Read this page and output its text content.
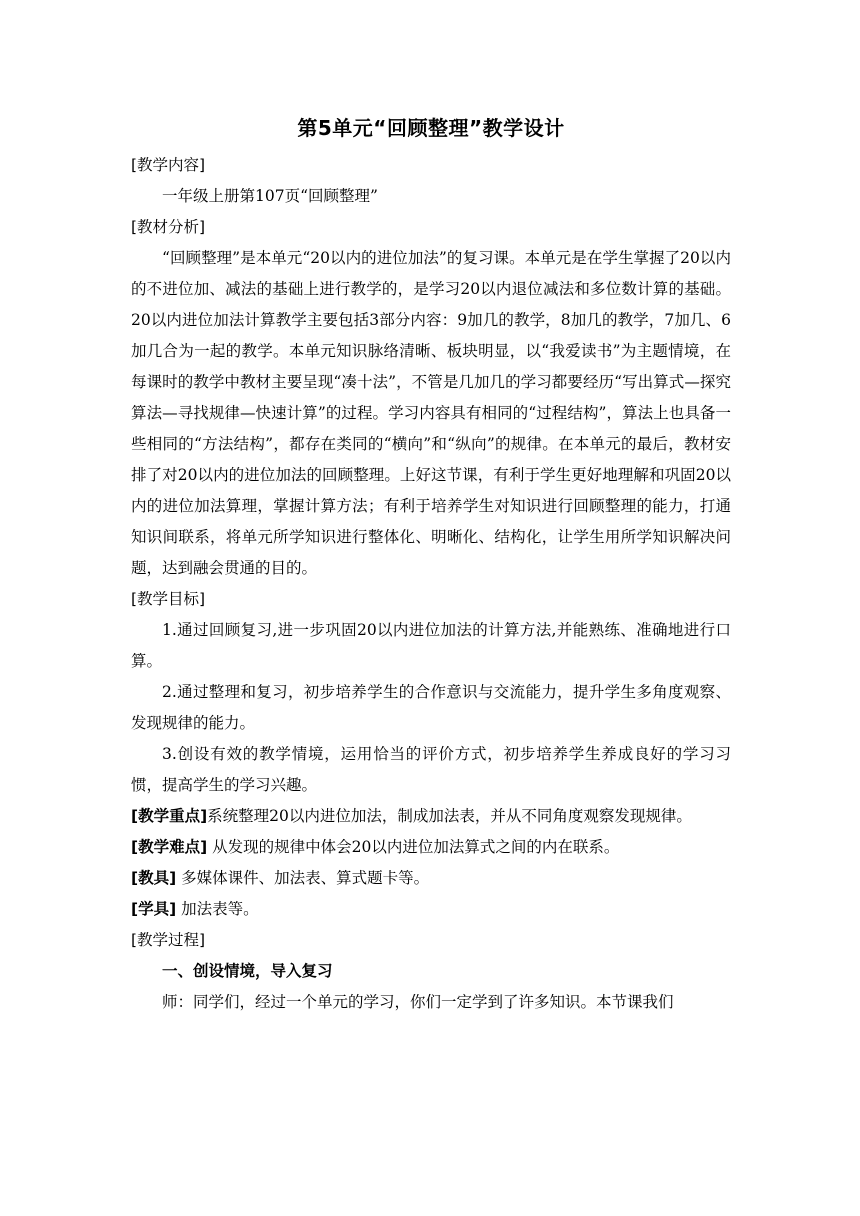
第5单元“回顾整理”教学设计
[教学内容]
一年级上册第107页“回顾整理”
[教材分析]
“回顾整理”是本单元“20以内的进位加法”的复习课。本单元是在学生掌握了20以内的不进位加、减法的基础上进行教学的，是学习20以内退位减法和多位数计算的基础。20以内进位加法计算教学主要包括3部分内容：9加几的教学，8加几的教学，7加几、6加几合为一起的教学。本单元知识脉络清晰、板块明显，以“我爱读书”为主题情境，在每课时的教学中教材主要呈现“凑十法”，不管是几加几的学习都要经历“写出算式—探究算法—寻找规律—快速计算”的过程。学习内容具有相同的“过程结构”，算法上也具备一些相同的“方法结构”，都存在类同的“横向”和“纵向”的规律。在本单元的最后，教材安排了对20以内的进位加法的回顾整理。上好这节课，有利于学生更好地理解和巩固20以内的进位加法算理，掌握计算方法；有利于培养学生对知识进行回顾整理的能力，打通知识间联系，将单元所学知识进行整体化、明晰化、结构化，让学生用所学知识解决问题，达到融会贯通的目的。
[教学目标]
1.通过回顾复习,进一步巩固20以内进位加法的计算方法,并能熟练、准确地进行口算。
2.通过整理和复习，初步培养学生的合作意识与交流能力，提升学生多角度观察、发现规律的能力。
3.创设有效的教学情境，运用恰当的评价方式，初步培养学生养成良好的学习习惯，提高学生的学习兴趣。
[教学重点]系统整理20以内进位加法，制成加法表，并从不同角度观察发现规律。
[教学难点] 从发现的规律中体会20以内进位加法算式之间的内在联系。
[教具] 多媒体课件、加法表、算式题卡等。
[学具] 加法表等。
[教学过程]
一、创设情境，导入复习
师：同学们，经过一个单元的学习，你们一定学到了许多知识。本节课我们
